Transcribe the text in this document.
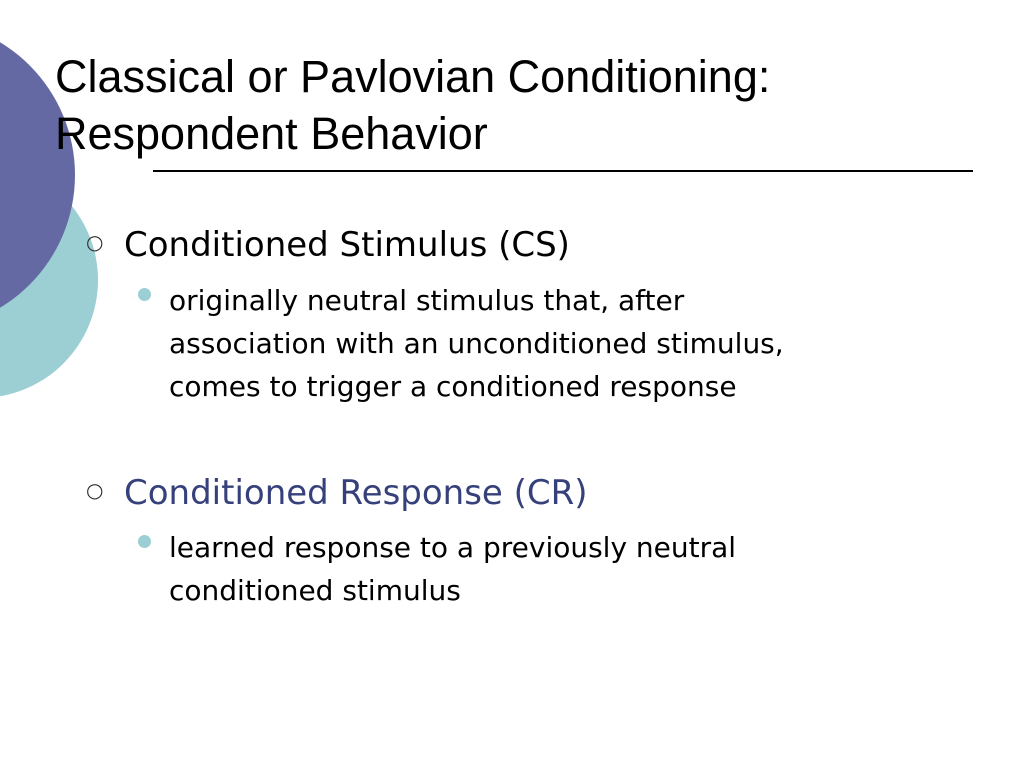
Classical or Pavlovian Conditioning:
Respondent Behavior
○ Conditioned Stimulus (CS)
originally neutral stimulus that, after
association with an unconditioned stimulus,
comes to trigger a conditioned response
○ Conditioned Response (CR)
learned response to a previously neutral
conditioned stimulus
